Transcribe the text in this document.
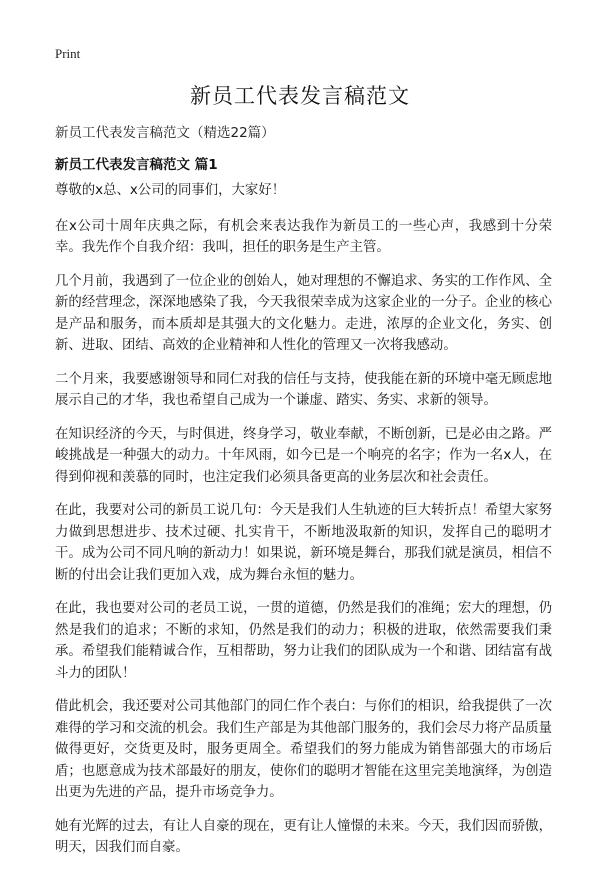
Print
新员工代表发言稿范文
新员工代表发言稿范文（精选22篇）
新员工代表发言稿范文 篇1

尊敬的x总、x公司的同事们，大家好！

在x公司十周年庆典之际，有机会来表达我作为新员工的一些心声，我感到十分荣幸。我先作个自我介绍：我叫，担任的职务是生产主管。

几个月前，我遇到了一位企业的创始人，她对理想的不懈追求、务实的工作作风、全新的经营理念，深深地感染了我，今天我很荣幸成为这家企业的一分子。企业的核心是产品和服务，而本质却是其强大的文化魅力。走进，浓厚的企业文化，务实、创新、进取、团结、高效的企业精神和人性化的管理又一次将我感动。

二个月来，我要感谢领导和同仁对我的信任与支持，使我能在新的环境中毫无顾虑地展示自己的才华，我也希望自己成为一个谦虚、踏实、务实、求新的领导。

在知识经济的今天，与时俱进，终身学习，敬业奉献，不断创新，已是必由之路。严峻挑战是一种强大的动力。十年风雨，如今已是一个响亮的名字；作为一名x人，在得到仰视和羡慕的同时，也注定我们必须具备更高的业务层次和社会责任。

在此，我要对公司的新员工说几句：今天是我们人生轨迹的巨大转折点！希望大家努力做到思想进步、技术过硬、扎实肯干，不断地汲取新的知识，发挥自己的聪明才干。成为公司不同凡响的新动力！如果说，新环境是舞台，那我们就是演员，相信不断的付出会让我们更加入戏，成为舞台永恒的魅力。

在此，我也要对公司的老员工说，一贯的道德，仍然是我们的准绳；宏大的理想，仍然是我们的追求；不断的求知，仍然是我们的动力；积极的进取，依然需要我们秉承。希望我们能精诚合作，互相帮助，努力让我们的团队成为一个和谐、团结富有战斗力的团队！

借此机会，我还要对公司其他部门的同仁作个表白：与你们的相识，给我提供了一次难得的学习和交流的机会。我们生产部是为其他部门服务的，我们会尽力将产品质量做得更好，交货更及时，服务更周全。希望我们的努力能成为销售部强大的市场后盾；也愿意成为技术部最好的朋友，使你们的聪明才智能在这里完美地演绎，为创造出更为先进的产品，提升市场竞争力。

她有光辉的过去，有让人自豪的现在，更有让人憧憬的未来。今天，我们因而骄傲，明天，因我们而自豪。
